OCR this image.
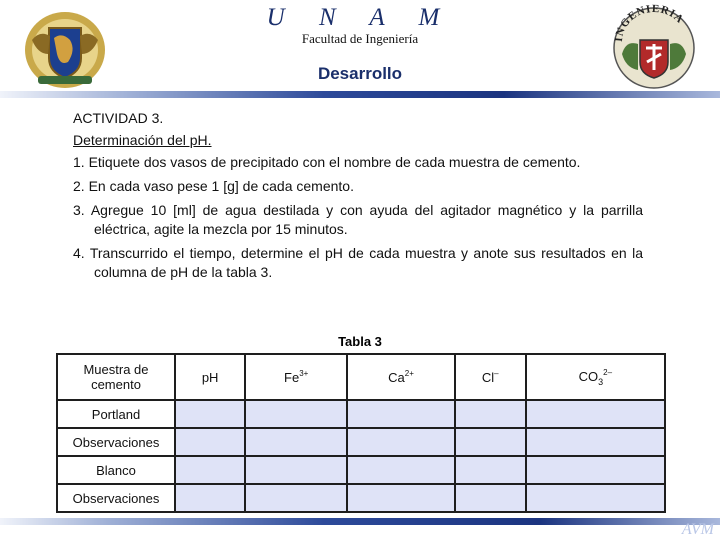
U N A M
Facultad de Ingeniería
Desarrollo
INGENIERIA

ACTIVIDAD 3.

Determinación del pH.

1. Etiquete dos vasos de precipitado con el nombre de cada muestra de cemento.

2. En cada vaso pese 1 [g] de cada cemento.

3. Agregue 10 [ml] de agua destilada y con ayuda del agitador magnético y la parrilla eléctrica, agite la mezcla por 15 minutos.

4. Transcurrido el tiempo, determine el pH de cada muestra y anote sus resultados en la columna de pH de la tabla 3.

Tabla 3
Muestra de cemento	pH	$Fe^{3+}$	$Ca^{2+}$	Cl–	$CO_3^{2-}$
Portland					
Observaciones					
Blanco					
Observaciones					
AVM
